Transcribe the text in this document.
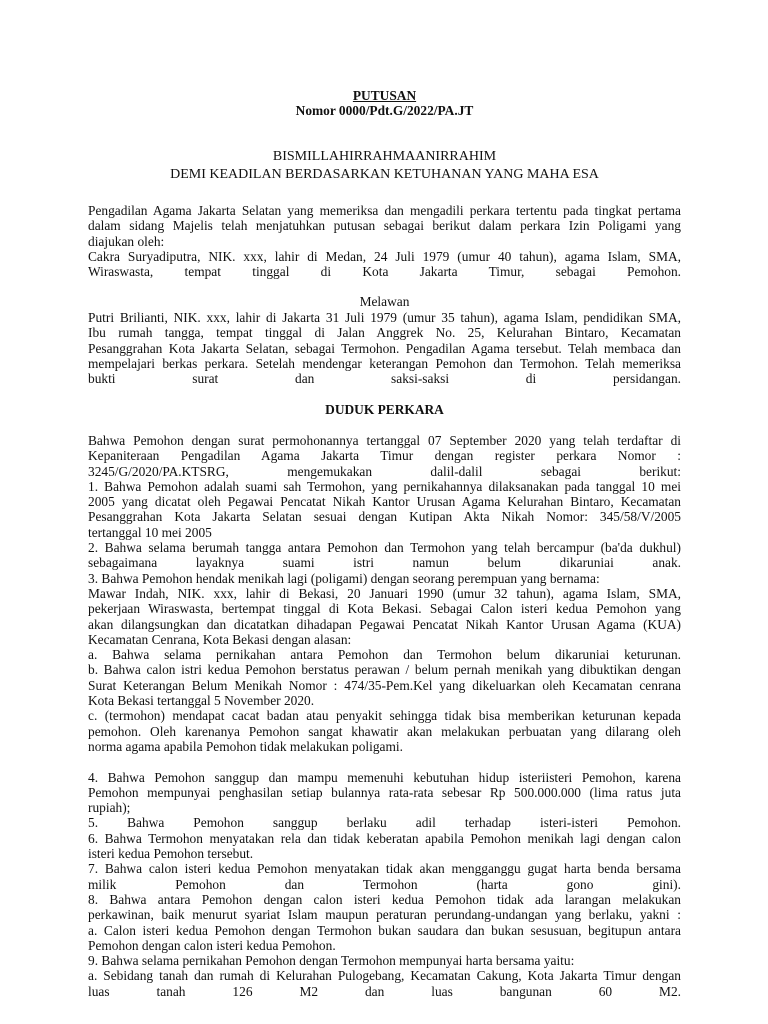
PUTUSAN
Nomor 0000/Pdt.G/2022/PA.JT
BISMILLAHIRRAHMAANIRRAHIM
DEMI KEADILAN BERDASARKAN KETUHANAN YANG MAHA ESA

Pengadilan Agama Jakarta Selatan yang memeriksa dan mengadili perkara tertentu pada tingkat pertama

dalam sidang Majelis telah menjatuhkan putusan sebagai berikut dalam perkara Izin Poligami yang

diajukan oleh:

Cakra Suryadiputra, NIK. xxx, lahir di Medan, 24 Juli 1979 (umur 40 tahun), agama Islam, SMA,

Wiraswasta, tempat tinggal di Kota Jakarta Timur, sebagai Pemohon.

Melawan

Putri Brilianti, NIK. xxx, lahir di Jakarta 31 Juli 1979 (umur 35 tahun), agama Islam, pendidikan SMA,

Ibu rumah tangga, tempat tinggal di Jalan Anggrek No. 25, Kelurahan Bintaro, Kecamatan

Pesanggrahan Kota Jakarta Selatan, sebagai Termohon. Pengadilan Agama tersebut. Telah membaca dan

mempelajari berkas perkara. Setelah mendengar keterangan Pemohon dan Termohon. Telah memeriksa

bukti surat dan saksi-saksi di persidangan.

DUDUK PERKARA

Bahwa Pemohon dengan surat permohonannya tertanggal 07 September 2020 yang telah terdaftar di

Kepaniteraan Pengadilan Agama Jakarta Timur dengan register perkara Nomor :

3245/G/2020/PA.KTSRG, mengemukakan dalil-dalil sebagai berikut:

1. Bahwa Pemohon adalah suami sah Termohon, yang pernikahannya dilaksanakan pada tanggal 10 mei

2005 yang dicatat oleh Pegawai Pencatat Nikah Kantor Urusan Agama Kelurahan Bintaro, Kecamatan

Pesanggrahan Kota Jakarta Selatan sesuai dengan Kutipan Akta Nikah Nomor: 345/58/V/2005

tertanggal 10 mei 2005

2. Bahwa selama berumah tangga antara Pemohon dan Termohon yang telah bercampur (ba'da dukhul)

sebagaimana layaknya suami istri namun belum dikaruniai anak.

3. Bahwa Pemohon hendak menikah lagi (poligami) dengan seorang perempuan yang bernama:

Mawar Indah, NIK. xxx, lahir di Bekasi, 20 Januari 1990 (umur 32 tahun), agama Islam, SMA,

pekerjaan Wiraswasta, bertempat tinggal di Kota Bekasi. Sebagai Calon isteri kedua Pemohon yang

akan dilangsungkan dan dicatatkan dihadapan Pegawai Pencatat Nikah Kantor Urusan Agama (KUA)

Kecamatan Cenrana, Kota Bekasi dengan alasan:

a. Bahwa selama pernikahan antara Pemohon dan Termohon belum dikaruniai keturunan.

b. Bahwa calon istri kedua Pemohon berstatus perawan / belum pernah menikah yang dibuktikan dengan

Surat Keterangan Belum Menikah Nomor : 474/35-Pem.Kel yang dikeluarkan oleh Kecamatan cenrana

Kota Bekasi tertanggal 5 November 2020.

c. (termohon) mendapat cacat badan atau penyakit sehingga tidak bisa memberikan keturunan kepada

pemohon. Oleh karenanya Pemohon sangat khawatir akan melakukan perbuatan yang dilarang oleh

norma agama apabila Pemohon tidak melakukan poligami.

4. Bahwa Pemohon sanggup dan mampu memenuhi kebutuhan hidup isteriisteri Pemohon, karena

Pemohon mempunyai penghasilan setiap bulannya rata-rata sebesar Rp 500.000.000 (lima ratus juta

rupiah);

5. Bahwa Pemohon sanggup berlaku adil terhadap isteri-isteri Pemohon.

6. Bahwa Termohon menyatakan rela dan tidak keberatan apabila Pemohon menikah lagi dengan calon

isteri kedua Pemohon tersebut.

7. Bahwa calon isteri kedua Pemohon menyatakan tidak akan mengganggu gugat harta benda bersama

milik Pemohon dan Termohon (harta gono gini).

8. Bahwa antara Pemohon dengan calon isteri kedua Pemohon tidak ada larangan melakukan

perkawinan, baik menurut syariat Islam maupun peraturan perundang-undangan yang berlaku, yakni :

a. Calon isteri kedua Pemohon dengan Termohon bukan saudara dan bukan sesusuan, begitupun antara

Pemohon dengan calon isteri kedua Pemohon.

9. Bahwa selama pernikahan Pemohon dengan Termohon mempunyai harta bersama yaitu:

a. Sebidang tanah dan rumah di Kelurahan Pulogebang, Kecamatan Cakung, Kota Jakarta Timur dengan

luas tanah 126 M2 dan luas bangunan 60 M2.
